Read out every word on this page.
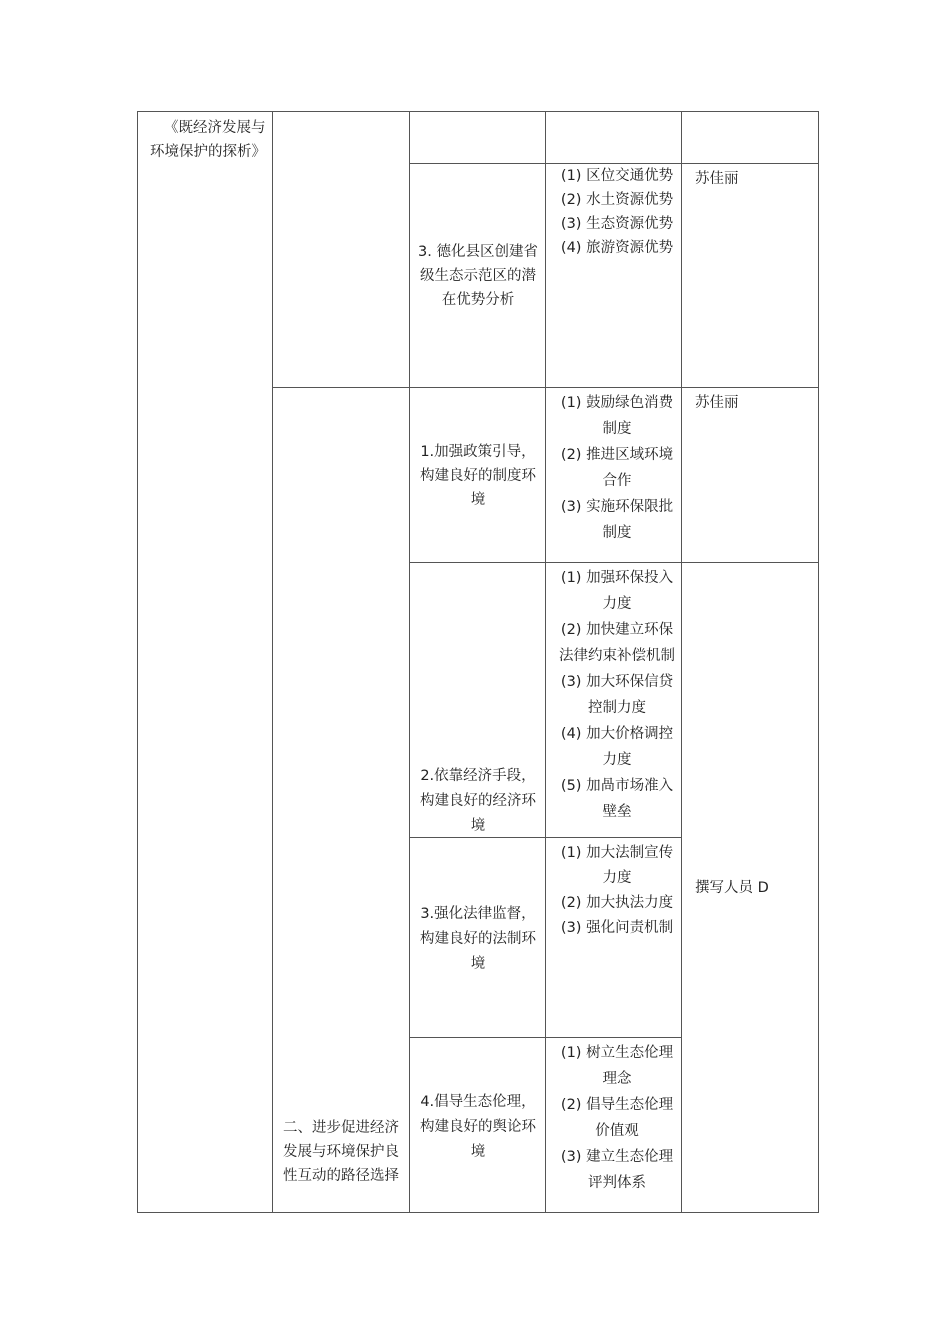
《既经济发展与环境保护的探析》
二、进步促进经济发展与环境保护良性互动的路径选择
3. 德化县区创建省级生态示范区的潜在优势分析
(1) 区位交通优势
(2) 水土资源优势
(3) 生态资源优势
(4) 旅游资源优势
苏佳丽
1.加强政策引导，构建良好的制度环境
(1) 鼓励绿色消费制度
(2) 推进区域环境合作
(3) 实施环保限批制度
苏佳丽
2.依靠经济手段，构建良好的经济环境
(1) 加强环保投入力度
(2) 加快建立环保法律约束补偿机制
(3) 加大环保信贷控制力度
(4) 加大价格调控力度
(5) 加咼市场准入壁垒
3.强化法律监督，构建良好的法制环境
(1) 加大法制宣传力度
(2) 加大执法力度
(3) 强化问责机制
撰写人员 D
4.倡导生态伦理，构建良好的舆论环境
(1) 树立生态伦理理念
(2) 倡导生态伦理价值观
(3) 建立生态伦理评判体系
